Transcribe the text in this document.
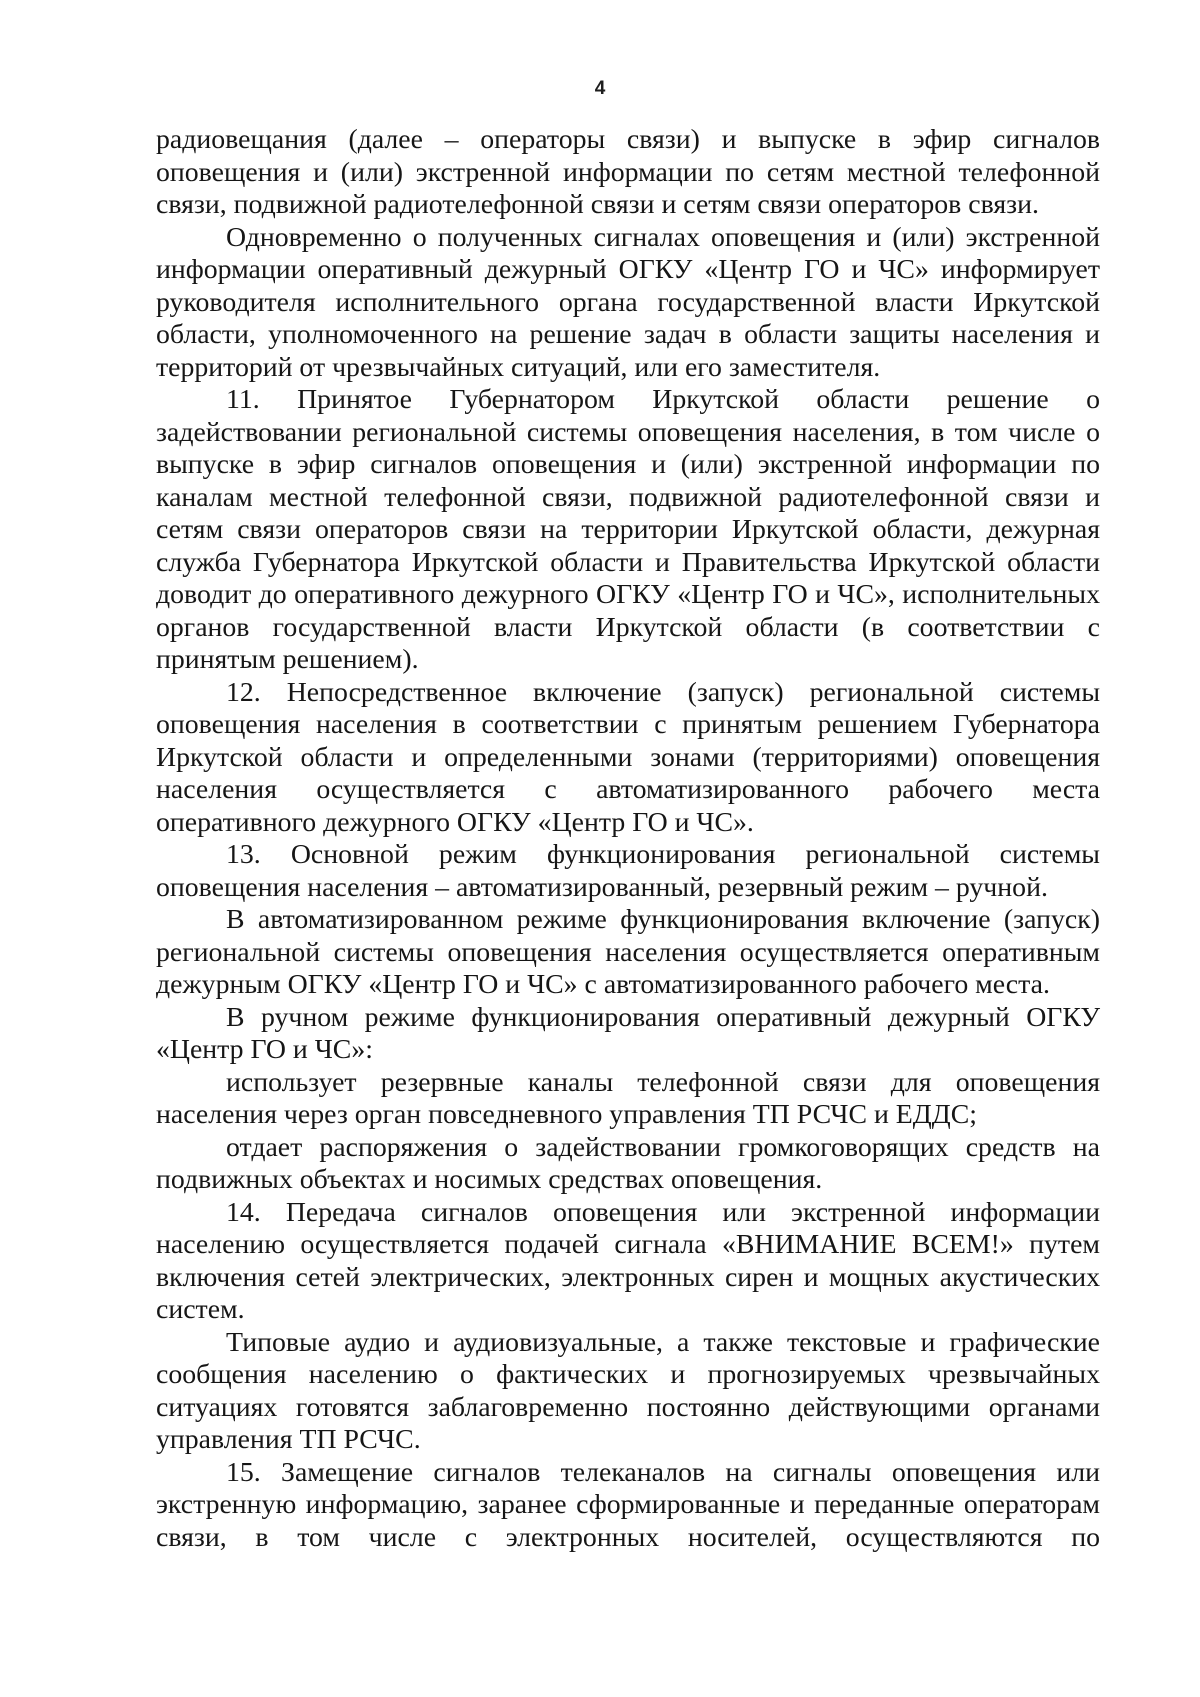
4

радиовещания (далее – операторы связи) и выпуске в эфир сигналов оповещения и (или) экстренной информации по сетям местной телефонной связи, подвижной радиотелефонной связи и сетям связи операторов связи.

Одновременно о полученных сигналах оповещения и (или) экстренной информации оперативный дежурный ОГКУ «Центр ГО и ЧС» информирует руководителя исполнительного органа государственной власти Иркутской области, уполномоченного на решение задач в области защиты населения и территорий от чрезвычайных ситуаций, или его заместителя.

11. Принятое Губернатором Иркутской области решение о задействовании региональной системы оповещения населения, в том числе о выпуске в эфир сигналов оповещения и (или) экстренной информации по каналам местной телефонной связи, подвижной радиотелефонной связи и сетям связи операторов связи на территории Иркутской области, дежурная служба Губернатора Иркутской области и Правительства Иркутской области доводит до оперативного дежурного ОГКУ «Центр ГО и ЧС», исполнительных органов государственной власти Иркутской области (в соответствии с принятым решением).

12. Непосредственное включение (запуск) региональной системы оповещения населения в соответствии с принятым решением Губернатора Иркутской области и определенными зонами (территориями) оповещения населения осуществляется с автоматизированного рабочего места оперативного дежурного ОГКУ «Центр ГО и ЧС».

13. Основной режим функционирования региональной системы оповещения населения – автоматизированный, резервный режим – ручной.

В автоматизированном режиме функционирования включение (запуск) региональной системы оповещения населения осуществляется оперативным дежурным ОГКУ «Центр ГО и ЧС» с автоматизированного рабочего места.

В ручном режиме функционирования оперативный дежурный ОГКУ «Центр ГО и ЧС»:

использует резервные каналы телефонной связи для оповещения населения через орган повседневного управления ТП РСЧС и ЕДДС;

отдает распоряжения о задействовании громкоговорящих средств на подвижных объектах и носимых средствах оповещения.

14. Передача сигналов оповещения или экстренной информации населению осуществляется подачей сигнала «ВНИМАНИЕ ВСЕМ!» путем включения сетей электрических, электронных сирен и мощных акустических систем.

Типовые аудио и аудиовизуальные, а также текстовые и графические сообщения населению о фактических и прогнозируемых чрезвычайных ситуациях готовятся заблаговременно постоянно действующими органами управления ТП РСЧС.

15. Замещение сигналов телеканалов на сигналы оповещения или экстренную информацию, заранее сформированные и переданные операторам связи, в том числе с электронных носителей, осуществляются по
